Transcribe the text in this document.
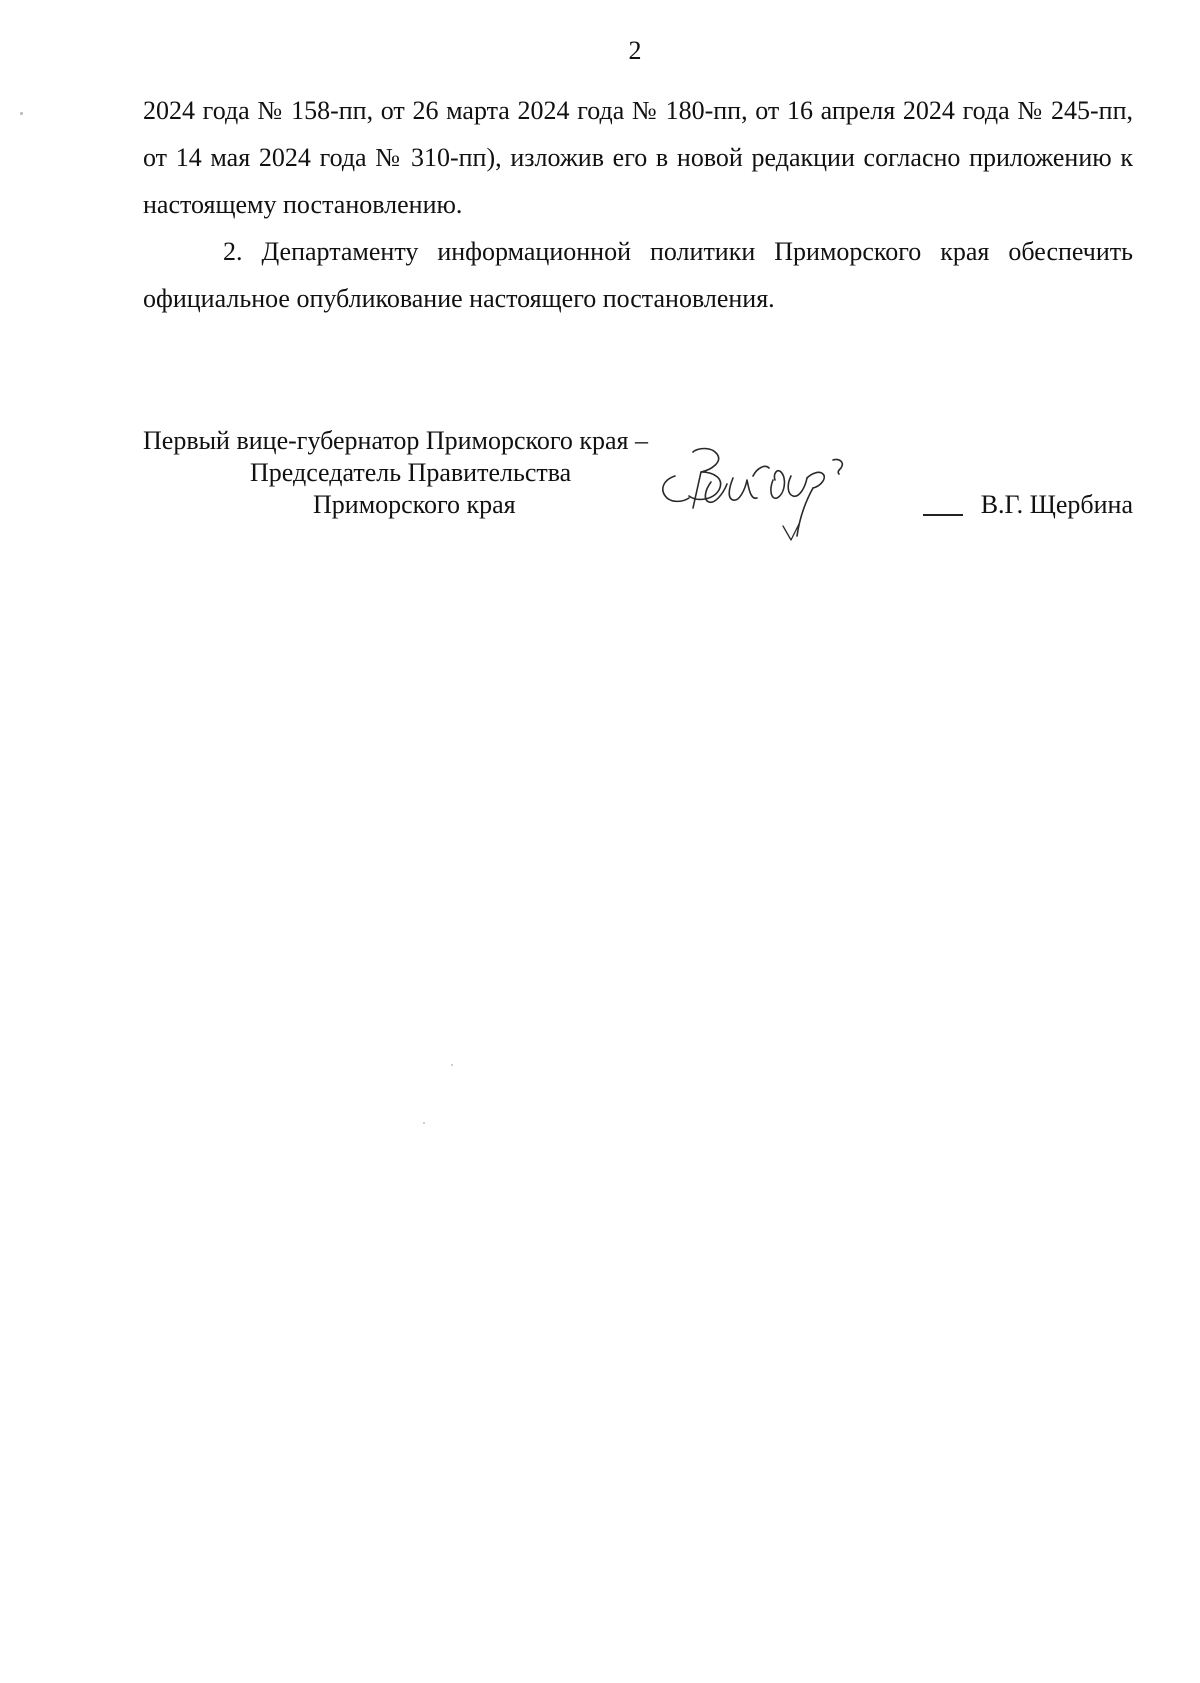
2

2024 года № 158-пп, от 26 марта 2024 года № 180-пп, от 16 апреля 2024 года № 245-пп, от 14 мая 2024 года № 310-пп), изложив его в новой редакции согласно приложению к настоящему постановлению.

2. Департаменту информационной политики Приморского края обеспечить официальное опубликование настоящего постановления.

Первый вице-губернатор Приморского края –
Председатель Правительства
Приморского края	В.Г. Щербина
